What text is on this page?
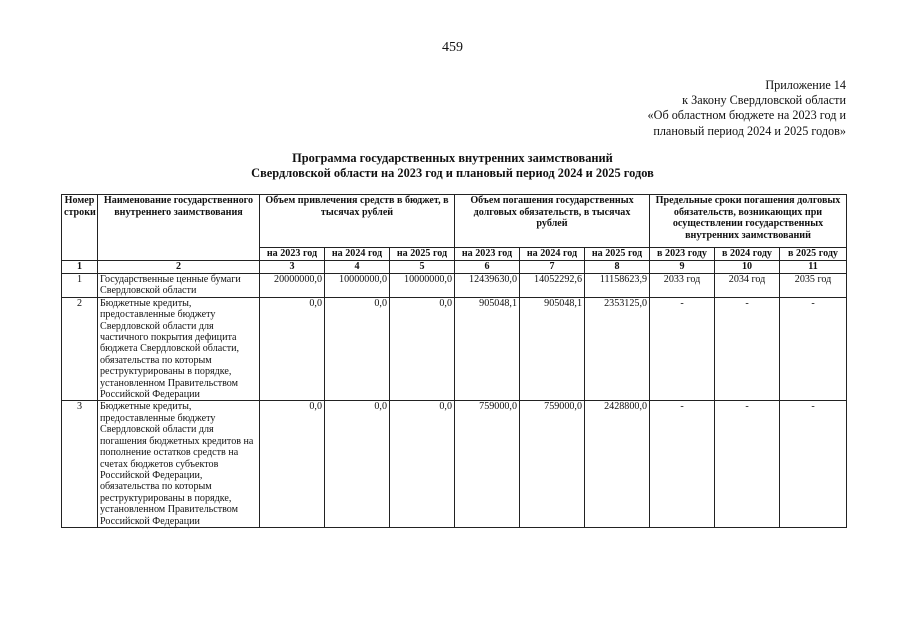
459
Приложение 14
к Закону Свердловской области
«Об областном бюджете на 2023 год и
плановый период 2024 и 2025 годов»
Программа государственных внутренних заимствований
Свердловской области на 2023 год и плановый период 2024 и 2025 годов
Номер строки	Наименование государственного внутреннего заимствования	Объем привлечения средств в бюджет, в тысячах рублей			Объем погашения государственных долговых обязательств, в тысячах рублей			Предельные сроки погашения долговых обязательств, возникающих при осуществлении государственных внутренних заимствований		
		на 2023 год	на 2024 год	на 2025 год	на 2023 год	на 2024 год	на 2025 год	в 2023 году	в 2024 году	в 2025 году
1	2	3	4	5	6	7	8	9	10	11
1	Государственные ценные бумаги Свердловской области	20000000,0	10000000,0	10000000,0	12439630,0	14052292,6	11158623,9	2033 год	2034 год	2035 год
2	Бюджетные кредиты, предоставленные бюджету Свердловской области для частичного покрытия дефицита бюджета Свердловской области, обязательства по которым реструктурированы в порядке, установленном Правительством Российской Федерации	0,0	0,0	0,0	905048,1	905048,1	2353125,0	-	-	-
3	Бюджетные кредиты, предоставленные бюджету Свердловской области для погашения бюджетных кредитов на пополнение остатков средств на счетах бюджетов субъектов Российской Федерации, обязательства по которым реструктурированы в порядке, установленном Правительством Российской Федерации	0,0	0,0	0,0	759000,0	759000,0	2428800,0	-	-	-
